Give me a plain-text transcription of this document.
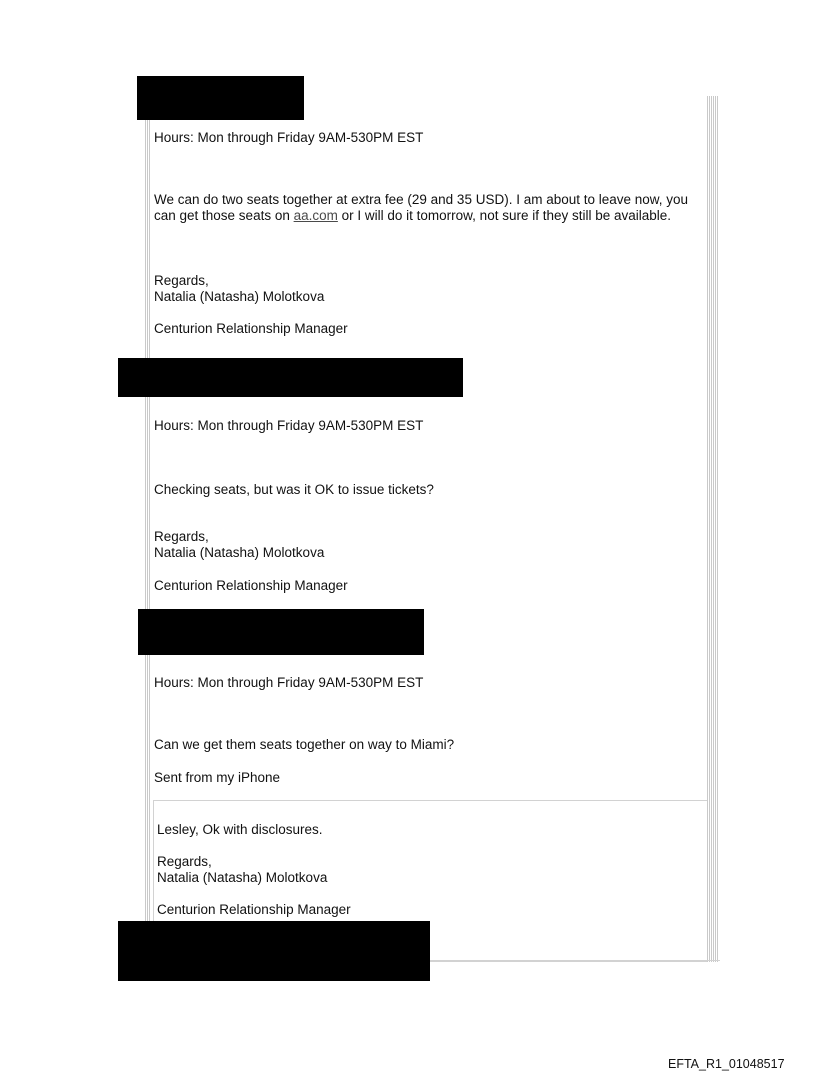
Hours: Mon through Friday 9AM-530PM EST
We can do two seats together at extra fee (29 and 35 USD). I am about to leave now, you can get those seats on aa.com or I will do it tomorrow, not sure if they still be available.
Regards,
Natalia (Natasha) Molotkova
Centurion Relationship Manager
Hours: Mon through Friday 9AM-530PM EST
Checking seats, but was it OK to issue tickets?
Regards,
Natalia (Natasha) Molotkova
Centurion Relationship Manager
Hours: Mon through Friday 9AM-530PM EST
Can we get them seats together on way to Miami?
Sent from my iPhone
Lesley, Ok with disclosures.
Regards,
Natalia (Natasha) Molotkova
Centurion Relationship Manager
EFTA_R1_01048517
